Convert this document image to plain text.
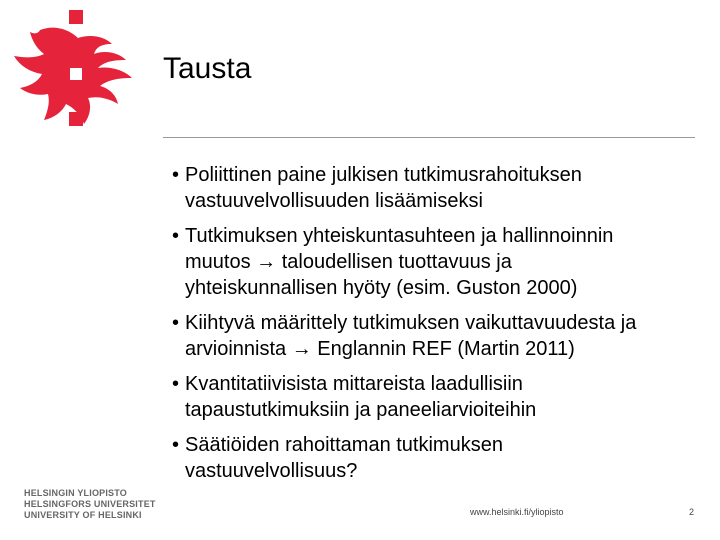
Tausta
• Poliittinen paine julkisen tutkimusrahoituksen
vastuuvelvollisuuden lisäämiseksi
• Tutkimuksen yhteiskuntasuhteen ja hallinnoinnin
muutos → taloudellisen tuottavuus ja
yhteiskunnallisen hyöty (esim. Guston 2000)
• Kiihtyvä määrittely tutkimuksen vaikuttavuudesta ja
arvioinnista → Englannin REF (Martin 2011)
• Kvantitatiivisista mittareista laadullisiin
tapaustutkimuksiin ja paneeliarvioiteihin
• Säätiöiden rahoittaman tutkimuksen
vastuuvelvollisuus?
HELSINGIN YLIOPISTO
HELSINGFORS UNIVERSITET
UNIVERSITY OF HELSINKI	www.helsinki.fi/yliopisto	2
